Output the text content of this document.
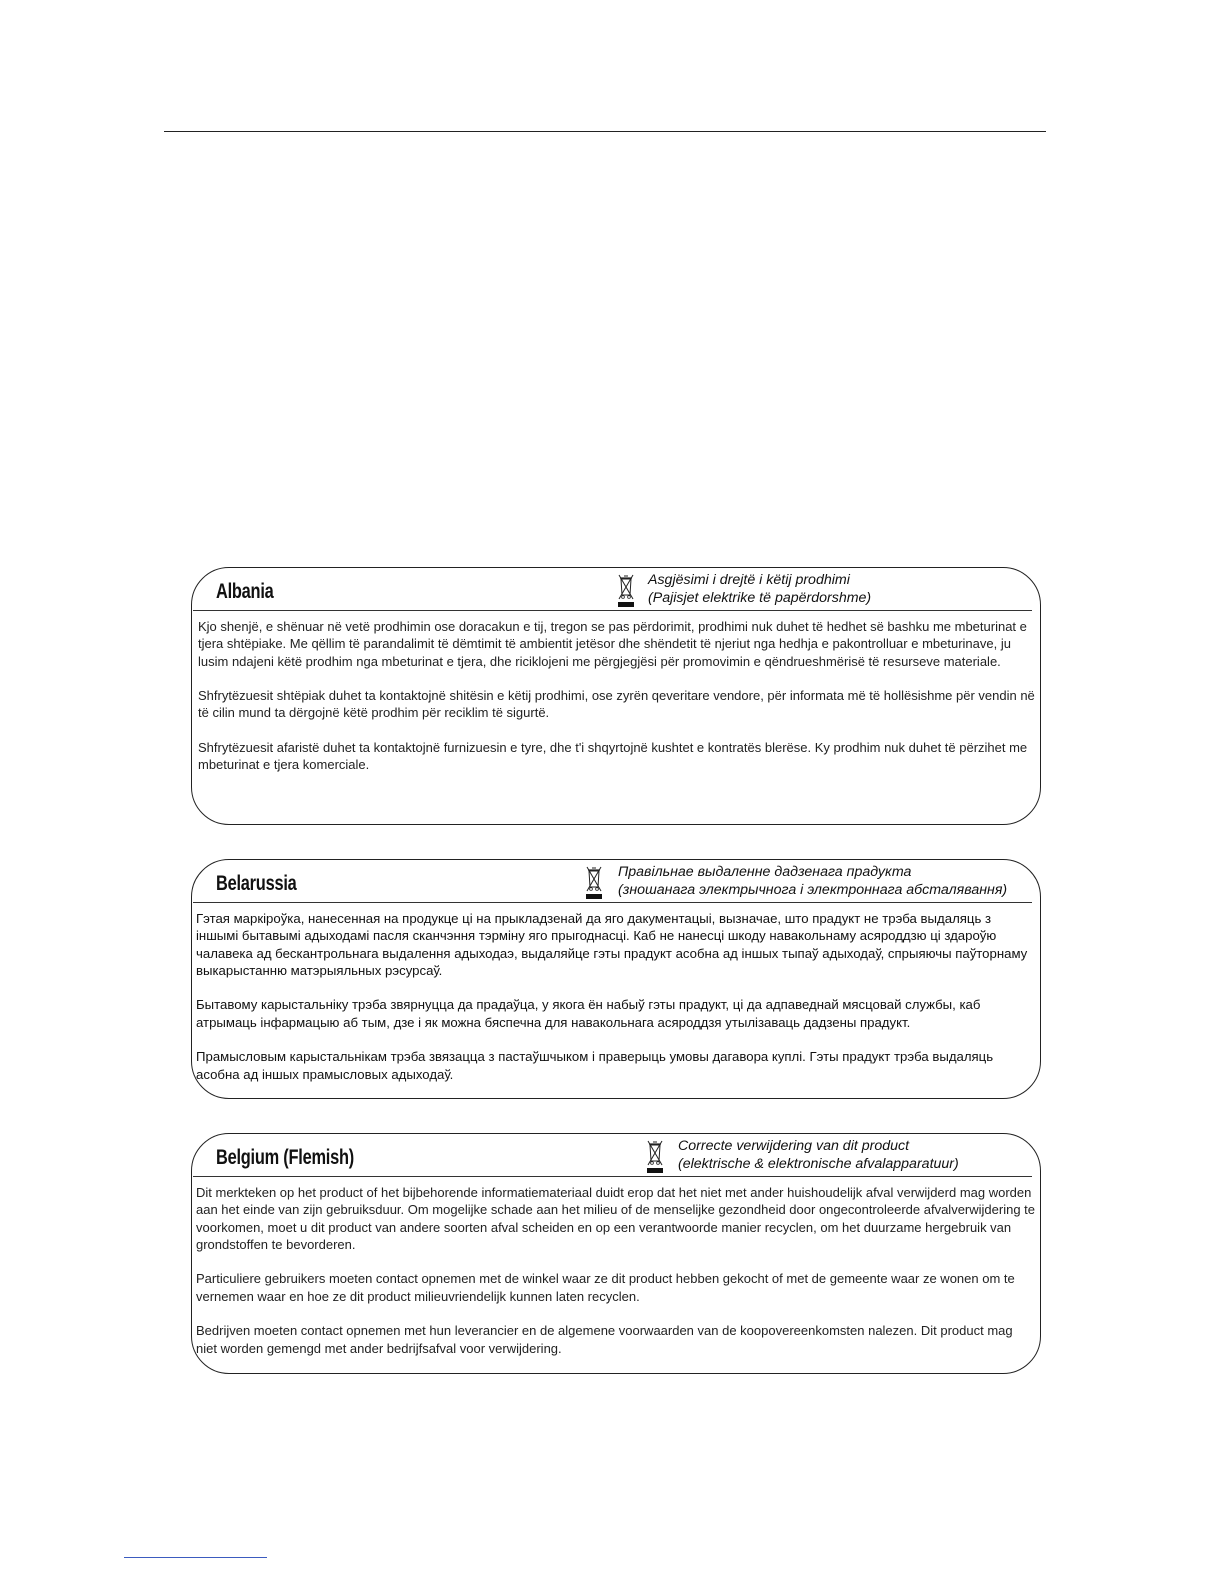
Albania	Asgjësimi i drejtë i këtij prodhimi
(Pajisjet elektrike të papërdorshme)

Kjo shenjë, e shënuar në vetë prodhimin ose doracakun e tij, tregon se pas përdorimit, prodhimi nuk duhet të hedhet së bashku me mbeturinat e tjera shtëpiake. Me qëllim të parandalimit të dëmtimit të ambientit jetësor dhe shëndetit të njeriut nga hedhja e pakontrolluar e mbeturinave, ju lusim ndajeni këtë prodhim nga mbeturinat e tjera, dhe ricikloјeni me përgjegjësi për promovimin e qëndrueshmërisë të resurseve materiale.

Shfrytëzuesit shtëpiak duhet ta kontaktojnë shitësin e këtij prodhimi, ose zyrën qeveritare vendore, për informata më të hollësishme për vendin në të cilin mund ta dërgojnë këtë prodhim për reciklim të sigurtë.

Shfrytëzuesit afaristë duhet ta kontaktojnë furnizuesin e tyre, dhe t'i shqyrtojnë kushtet e kontratës blerëse. Ky prodhim nuk duhet të përzihet me mbeturinat e tjera komerciale.

Belarussia	Правільнае выдаленне дадзенага прадукта
(зношанага электрычнога і электроннага абсталявання)

Гэтая маркіроўка, нанесенная на продукце ці на прыкладзенай да яго дакументацыі, вызначае, што прадукт не трэба выдаляць з іншымі бытавымі адыходамі пасля сканчэння тэрміну яго прыгоднасці. Каб не нанесці шкоду навакольнаму асяроддзю ці здароўю чалавека ад бескантрольнага выдалення адыходаэ, выдаляйце гэты прадукт асобна ад іншых тыпаў адыходаў, спрыяючы паўторнаму выкарыстанню матэрыяльных рэсурсаў.

Бытавому карыстальніку трэба звярнуцца да прадаўца, у якога ён набыў гэты прадукт, ці да адпаведнай мясцовай службы, каб атрымаць інфармацыю аб тым, дзе і як можна бяспечна для навакольнага асяроддзя утылізаваць дадзены прадукт.

Прамысловым карыстальнікам трэба звязацца з пастаўшчыком і праверыць умовы дагавора куплі. Гэты прадукт трэба выдаляць асобна ад іншых прамысловых адыходаў.

Belgium (Flemish)	Correcte verwijdering van dit product
(elektrische & elektronische afvalapparatuur)

Dit merkteken op het product of het bijbehorende informatiemateriaal duidt erop dat het niet met ander huishoudelijk afval verwijderd mag worden aan het einde van zijn gebruiksduur. Om mogelijke schade aan het milieu of de menselijke gezondheid door ongecontroleerde afvalverwijdering te voorkomen, moet u dit product van andere soorten afval scheiden en op een verantwoorde manier recyclen, om het duurzame hergebruik van grondstoffen te bevorderen.

Particuliere gebruikers moeten contact opnemen met de winkel waar ze dit product hebben gekocht of met de gemeente waar ze wonen om te vernemen waar en hoe ze dit product milieuvriendelijk kunnen laten recyclen.

Bedrijven moeten contact opnemen met hun leverancier en de algemene voorwaarden van de koopovereenkomsten nalezen. Dit product mag niet worden gemengd met ander bedrijfsafval voor verwijdering.
